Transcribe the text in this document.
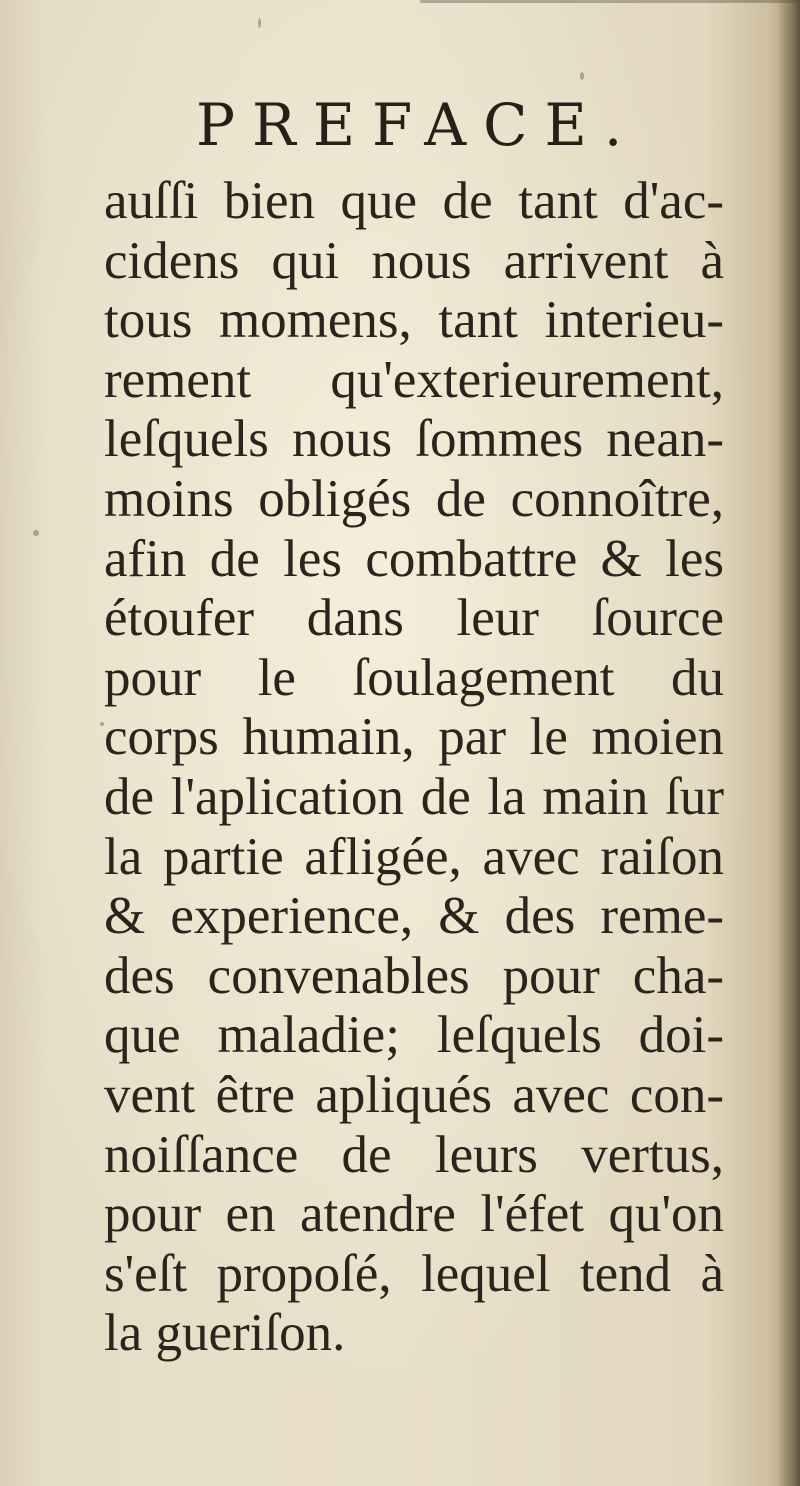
PREFACE.
auſſi bien que de tant d'ac-
cidens qui nous arrivent à
tous momens, tant interieu-
rement qu'exterieurement,
leſquels nous ſommes nean-
moins obligés de connoître,
afin de les combattre & les
étoufer dans leur ſource
pour le ſoulagement du
corps humain, par le moien
de l'aplication de la main ſur
la partie afligée, avec raiſon
& experience, & des reme-
des convenables pour cha-
que maladie; leſquels doi-
vent être apliqués avec con-
noiſſance de leurs vertus,
pour en atendre l'éfet qu'on
s'eſt propoſé, lequel tend à
la gueriſon.
